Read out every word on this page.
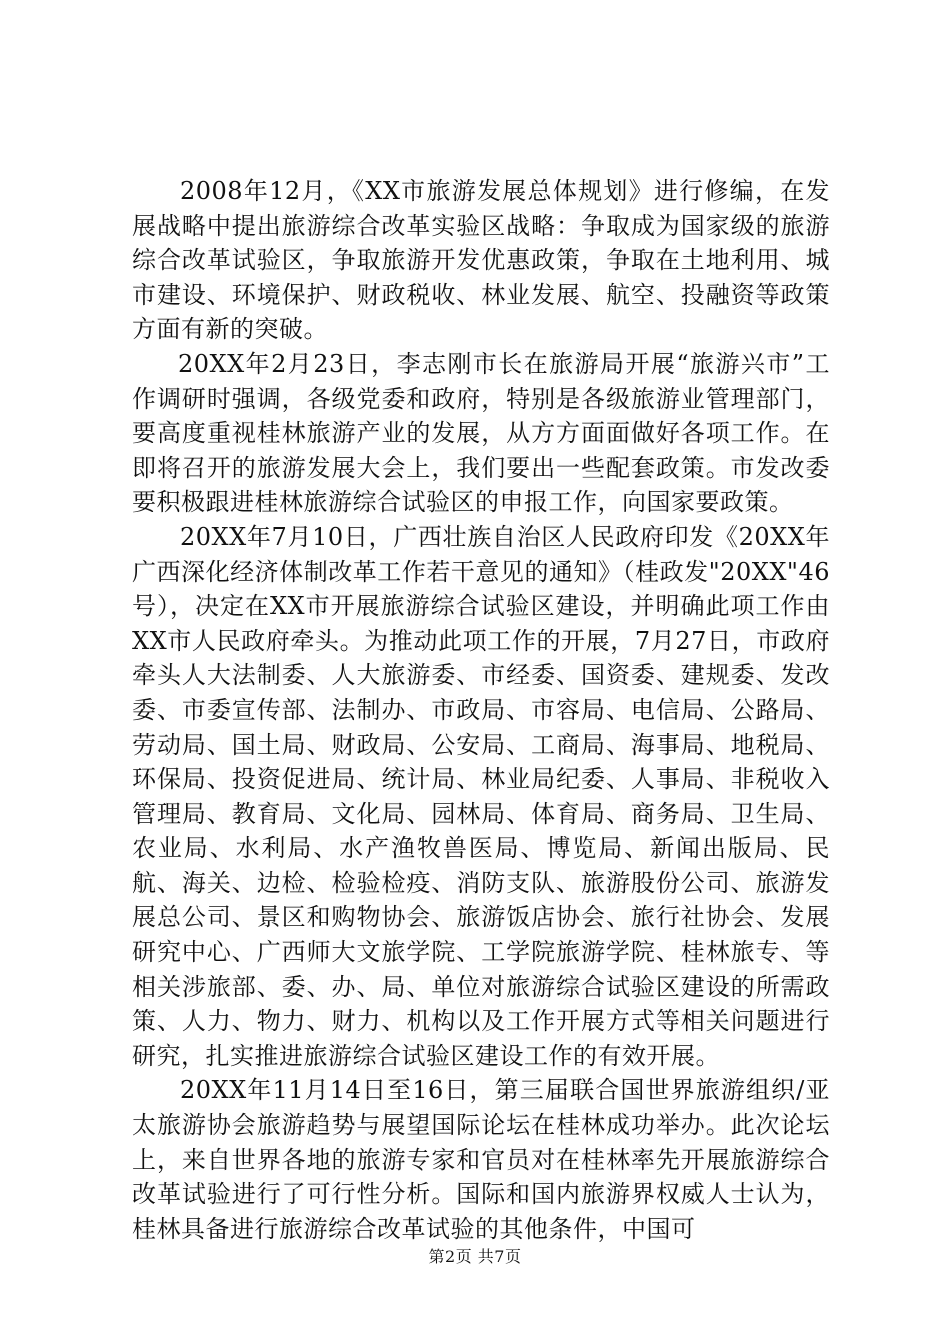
2008年12月，《XX市旅游发展总体规划》进行修编，在发展战略中提出旅游综合改革实验区战略：争取成为国家级的旅游综合改革试验区，争取旅游开发优惠政策，争取在土地利用、城市建设、环境保护、财政税收、林业发展、航空、投融资等政策方面有新的突破。

20XX年2月23日，李志刚市长在旅游局开展“旅游兴市”工作调研时强调，各级党委和政府，特别是各级旅游业管理部门，要高度重视桂林旅游产业的发展，从方方面面做好各项工作。在即将召开的旅游发展大会上，我们要出一些配套政策。市发改委要积极跟进桂林旅游综合试验区的申报工作，向国家要政策。

20XX年7月10日，广西壮族自治区人民政府印发《20XX年广西深化经济体制改革工作若干意见的通知》（桂政发"20XX"46号），决定在XX市开展旅游综合试验区建设，并明确此项工作由XX市人民政府牵头。为推动此项工作的开展，7月27日，市政府牵头人大法制委、人大旅游委、市经委、国资委、建规委、发改委、市委宣传部、法制办、市政局、市容局、电信局、公路局、劳动局、国土局、财政局、公安局、工商局、海事局、地税局、环保局、投资促进局、统计局、林业局纪委、人事局、非税收入管理局、教育局、文化局、园林局、体育局、商务局、卫生局、农业局、水利局、水产渔牧兽医局、博览局、新闻出版局、民航、海关、边检、检验检疫、消防支队、旅游股份公司、旅游发展总公司、景区和购物协会、旅游饭店协会、旅行社协会、发展研究中心、广西师大文旅学院、工学院旅游学院、桂林旅专、等相关涉旅部、委、办、局、单位对旅游综合试验区建设的所需政策、人力、物力、财力、机构以及工作开展方式等相关问题进行研究，扎实推进旅游综合试验区建设工作的有效开展。

20XX年11月14日至16日，第三届联合国世界旅游组织/亚太旅游协会旅游趋势与展望国际论坛在桂林成功举办。此次论坛上，来自世界各地的旅游专家和官员对在桂林率先开展旅游综合改革试验进行了可行性分析。国际和国内旅游界权威人士认为，桂林具备进行旅游综合改革试验的其他条件，中国可

第2页 共7页
